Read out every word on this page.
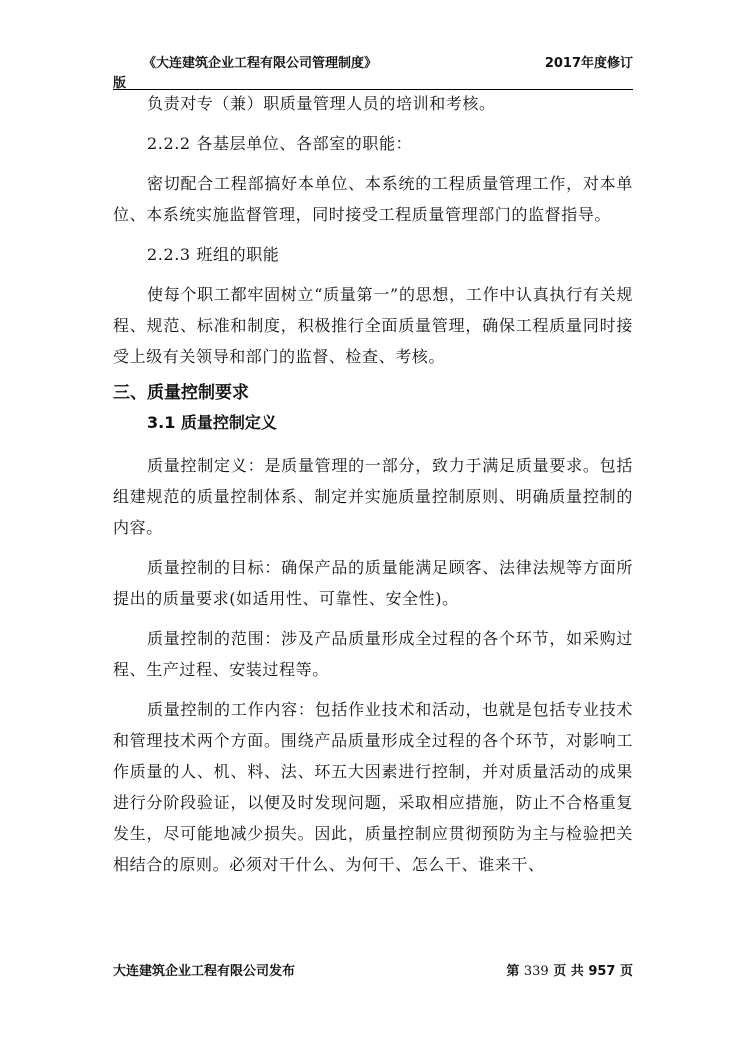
《大连建筑企业工程有限公司管理制度》	2017年度修订
版

负责对专（兼）职质量管理人员的培训和考核。

2.2.2 各基层单位、各部室的职能：

密切配合工程部搞好本单位、本系统的工程质量管理工作，对本单位、本系统实施监督管理，同时接受工程质量管理部门的监督指导。

2.2.3 班组的职能

使每个职工都牢固树立“质量第一”的思想，工作中认真执行有关规程、规范、标准和制度，积极推行全面质量管理，确保工程质量同时接受上级有关领导和部门的监督、检查、考核。

三、质量控制要求

3.1 质量控制定义

质量控制定义：是质量管理的一部分，致力于满足质量要求。包括组建规范的质量控制体系、制定并实施质量控制原则、明确质量控制的内容。

质量控制的目标：确保产品的质量能满足顾客、法律法规等方面所提出的质量要求(如适用性、可靠性、安全性)。

质量控制的范围：涉及产品质量形成全过程的各个环节，如采购过程、生产过程、安装过程等。

质量控制的工作内容：包括作业技术和活动，也就是包括专业技术和管理技术两个方面。围绕产品质量形成全过程的各个环节，对影响工作质量的人、机、料、法、环五大因素进行控制，并对质量活动的成果进行分阶段验证，以便及时发现问题，采取相应措施，防止不合格重复发生，尽可能地减少损失。因此，质量控制应贯彻预防为主与检验把关相结合的原则。必须对干什么、为何干、怎么干、谁来干、

大连建筑企业工程有限公司发布	第 339 页 共 957 页
